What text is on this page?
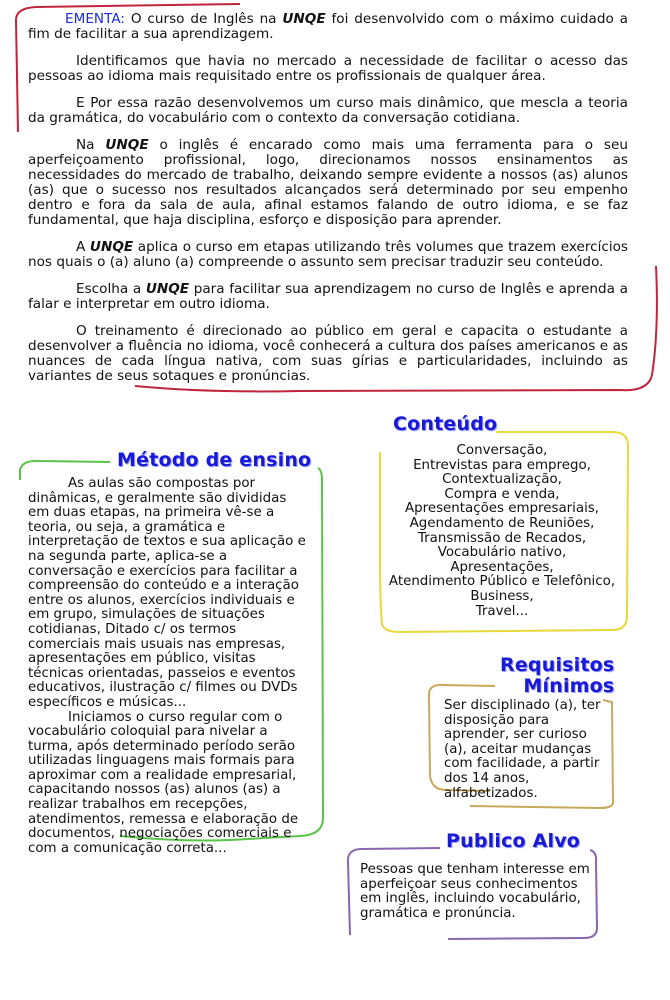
EMENTA: O curso de Inglês na UNQE foi desenvolvido com o máximo cuidado a fim de facilitar a sua aprendizagem.

Identificamos que havia no mercado a necessidade de facilitar o acesso das pessoas ao idioma mais requisitado entre os profissionais de qualquer área.

E Por essa razão desenvolvemos um curso mais dinâmico, que mescla a teoria da gramática, do vocabulário com o contexto da conversação cotidiana.

Na UNQE o inglês é encarado como mais uma ferramenta para o seu aperfeiçoamento profissional, logo, direcionamos nossos ensinamentos as necessidades do mercado de trabalho, deixando sempre evidente a nossos (as) alunos (as) que o sucesso nos resultados alcançados será determinado por seu empenho dentro e fora da sala de aula, afinal estamos falando de outro idioma, e se faz fundamental, que haja disciplina, esforço e disposição para aprender.

A UNQE aplica o curso em etapas utilizando três volumes que trazem exercícios nos quais o (a) aluno (a) compreende o assunto sem precisar traduzir seu conteúdo.

Escolha a UNQE para facilitar sua aprendizagem no curso de Inglês e aprenda a falar e interpretar em outro idioma.

O treinamento é direcionado ao público em geral e capacita o estudante a desenvolver a fluência no idioma, você conhecerá a cultura dos países americanos e as nuances de cada língua nativa, com suas gírias e particularidades, incluindo as variantes de seus sotaques e pronúncias.

Método de ensino

As aulas são compostas por dinâmicas, e geralmente são divididas em duas etapas, na primeira vê-se a teoria, ou seja, a gramática e interpretação de textos e sua aplicação e na segunda parte, aplica-se a conversação e exercícios para facilitar a compreensão do conteúdo e a interação entre os alunos, exercícios individuais e em grupo, simulações de situações cotidianas, Ditado c/ os termos comerciais mais usuais nas empresas, apresentações em público, visitas técnicas orientadas, passeios e eventos educativos, ilustração c/ filmes ou DVDs específicos e músicas...

Iniciamos o curso regular com o vocabulário coloquial para nivelar a turma, após determinado período serão utilizadas linguagens mais formais para aproximar com a realidade empresarial, capacitando nossos (as) alunos (as) a realizar trabalhos em recepções, atendimentos, remessa e elaboração de documentos, negociações comerciais e com a comunicação correta...

Conteúdo
Conversação,
Entrevistas para emprego,
Contextualização,
Compra e venda,
Apresentações empresariais,
Agendamento de Reuniões,
Transmissão de Recados,
Vocabulário nativo,
Apresentações,
Atendimento Público e Telefônico,
Business,
Travel...
Requisitos
Mínimos
Ser disciplinado (a), ter disposição para aprender, ser curioso (a), aceitar mudanças com facilidade, a partir dos 14 anos, alfabetizados.
Publico Alvo
Pessoas que tenham interesse em aperfeiçoar seus conhecimentos em inglês, incluindo vocabulário, gramática e pronúncia.
